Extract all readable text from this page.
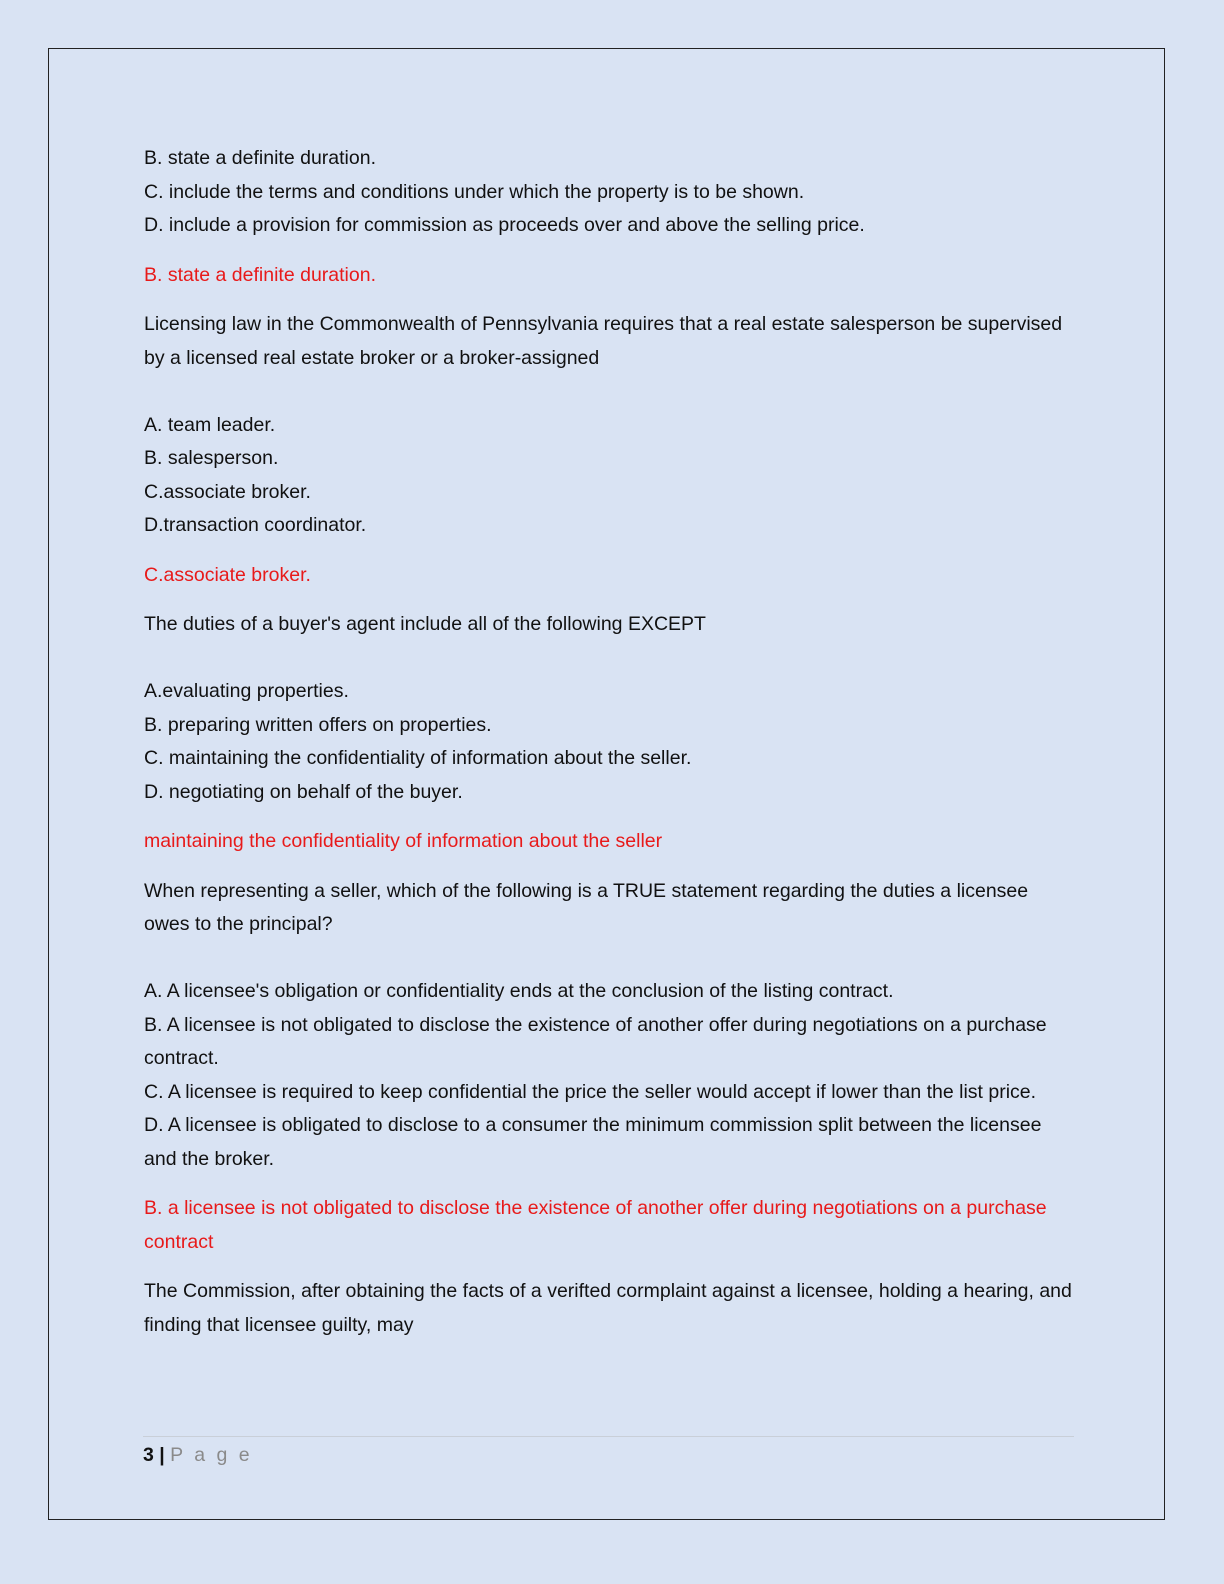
B. state a definite duration.

C. include the terms and conditions under which the property is to be shown.

D. include a provision for commission as proceeds over and above the selling price.

B. state a definite duration.

Licensing law in the Commonwealth of Pennsylvania requires that a real estate salesperson be supervised by a licensed real estate broker or a broker-assigned

A. team leader.

B. salesperson.

C.associate broker.

D.transaction coordinator.

C.associate broker.

The duties of a buyer's agent include all of the following EXCEPT

A.evaluating properties.

B. preparing written offers on properties.

C. maintaining the confidentiality of information about the seller.

D. negotiating on behalf of the buyer.

maintaining the confidentiality of information about the seller

When representing a seller, which of the following is a TRUE statement regarding the duties a licensee owes to the principal?

A. A licensee's obligation or confidentiality ends at the conclusion of the listing contract.

B. A licensee is not obligated to disclose the existence of another offer during negotiations on a purchase contract.

C. A licensee is required to keep confidential the price the seller would accept if lower than the list price.

D. A licensee is obligated to disclose to a consumer the minimum commission split between the licensee and the broker.

B. a licensee is not obligated to disclose the existence of another offer during negotiations on a purchase contract

The Commission, after obtaining the facts of a verifted cormplaint against a licensee, holding a hearing, and finding that licensee guilty, may

3 | P a g e
